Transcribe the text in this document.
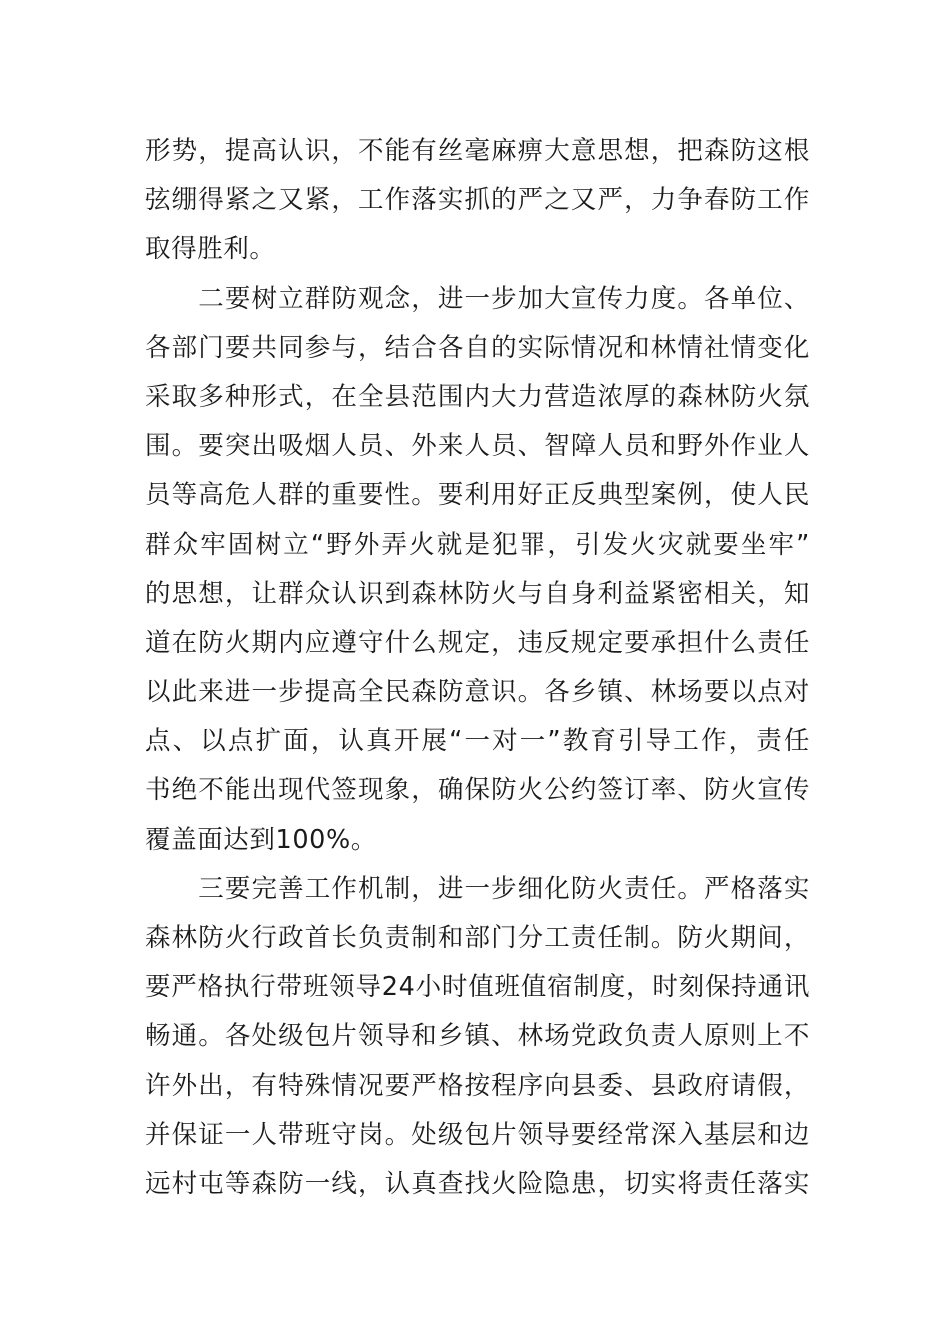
形势，提高认识，不能有丝毫麻痹大意思想，把森防这根
弦绷得紧之又紧，工作落实抓的严之又严，力争春防工作
取得胜利。
　　二要树立群防观念，进一步加大宣传力度。各单位、
各部门要共同参与，结合各自的实际情况和林情社情变化
采取多种形式，在全县范围内大力营造浓厚的森林防火氛
围。要突出吸烟人员、外来人员、智障人员和野外作业人
员等高危人群的重要性。要利用好正反典型案例，使人民
群众牢固树立“野外弄火就是犯罪，引发火灾就要坐牢”
的思想，让群众认识到森林防火与自身利益紧密相关，知
道在防火期内应遵守什么规定，违反规定要承担什么责任
以此来进一步提高全民森防意识。各乡镇、林场要以点对
点、以点扩面，认真开展“一对一”教育引导工作，责任
书绝不能出现代签现象，确保防火公约签订率、防火宣传
覆盖面达到100%。
　　三要完善工作机制，进一步细化防火责任。严格落实
森林防火行政首长负责制和部门分工责任制。防火期间，
要严格执行带班领导24小时值班值宿制度，时刻保持通讯
畅通。各处级包片领导和乡镇、林场党政负责人原则上不
许外出，有特殊情况要严格按程序向县委、县政府请假，
并保证一人带班守岗。处级包片领导要经常深入基层和边
远村屯等森防一线，认真查找火险隐患，切实将责任落实
